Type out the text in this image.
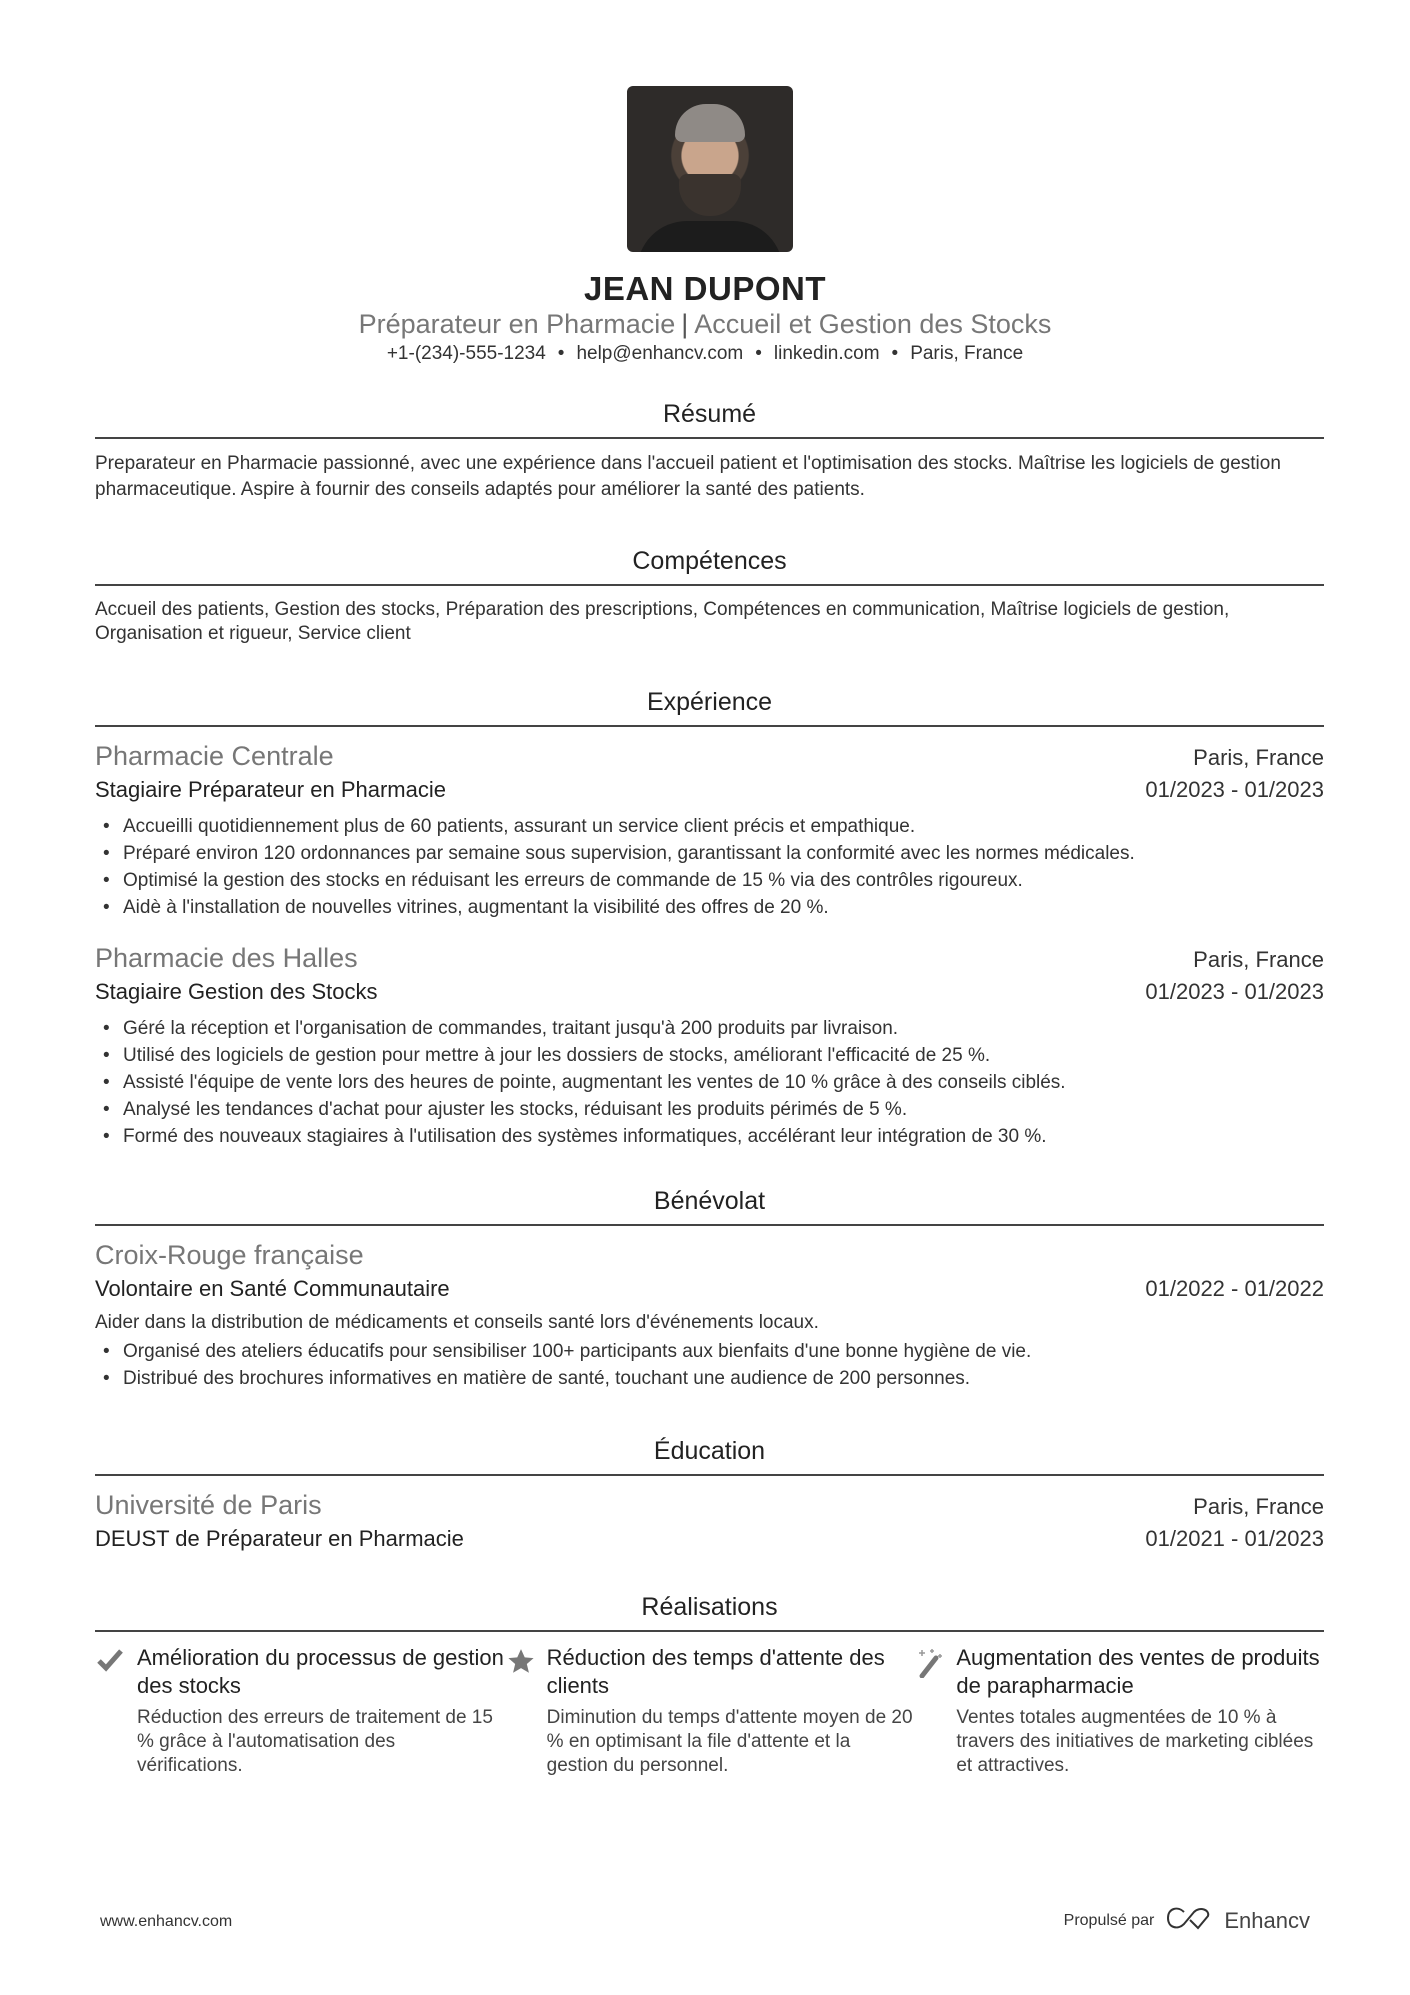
JEAN DUPONT
Préparateur en Pharmacie | Accueil et Gestion des Stocks
+1-(234)-555-1234 • help@enhancv.com • linkedin.com • Paris, France
Résumé

Preparateur en Pharmacie passionné, avec une expérience dans l'accueil patient et l'optimisation des stocks. Maîtrise les logiciels de gestion pharmaceutique. Aspire à fournir des conseils adaptés pour améliorer la santé des patients.

Compétences

Accueil des patients, Gestion des stocks, Préparation des prescriptions, Compétences en communication, Maîtrise logiciels de gestion, Organisation et rigueur, Service client

Expérience
Pharmacie Centrale	Paris, France
Stagiaire Préparateur en Pharmacie	01/2023 - 01/2023
• Accueilli quotidiennement plus de 60 patients, assurant un service client précis et empathique.
• Préparé environ 120 ordonnances par semaine sous supervision, garantissant la conformité avec les normes médicales.
• Optimisé la gestion des stocks en réduisant les erreurs de commande de 15 % via des contrôles rigoureux.
• Aidè à l'installation de nouvelles vitrines, augmentant la visibilité des offres de 20 %.
Pharmacie des Halles	Paris, France
Stagiaire Gestion des Stocks	01/2023 - 01/2023
• Géré la réception et l'organisation de commandes, traitant jusqu'à 200 produits par livraison.
• Utilisé des logiciels de gestion pour mettre à jour les dossiers de stocks, améliorant l'efficacité de 25 %.
• Assisté l'équipe de vente lors des heures de pointe, augmentant les ventes de 10 % grâce à des conseils ciblés.
• Analysé les tendances d'achat pour ajuster les stocks, réduisant les produits périmés de 5 %.
• Formé des nouveaux stagiaires à l'utilisation des systèmes informatiques, accélérant leur intégration de 30 %.
Bénévolat
Croix-Rouge française
Volontaire en Santé Communautaire	01/2022 - 01/2022

Aider dans la distribution de médicaments et conseils santé lors d'événements locaux.

• Organisé des ateliers éducatifs pour sensibiliser 100+ participants aux bienfaits d'une bonne hygiène de vie.
• Distribué des brochures informatives en matière de santé, touchant une audience de 200 personnes.
Éducation
Université de Paris	Paris, France
DEUST de Préparateur en Pharmacie	01/2021 - 01/2023
Réalisations
Amélioration du processus de gestion des stocks
Réduction des erreurs de traitement de 15 % grâce à l'automatisation des vérifications.
Réduction des temps d'attente des clients
Diminution du temps d'attente moyen de 20 % en optimisant la file d'attente et la gestion du personnel.
Augmentation des ventes de produits de parapharmacie
Ventes totales augmentées de 10 % à travers des initiatives de marketing ciblées et attractives.
www.enhancv.com	Propulsé par	Enhancv
